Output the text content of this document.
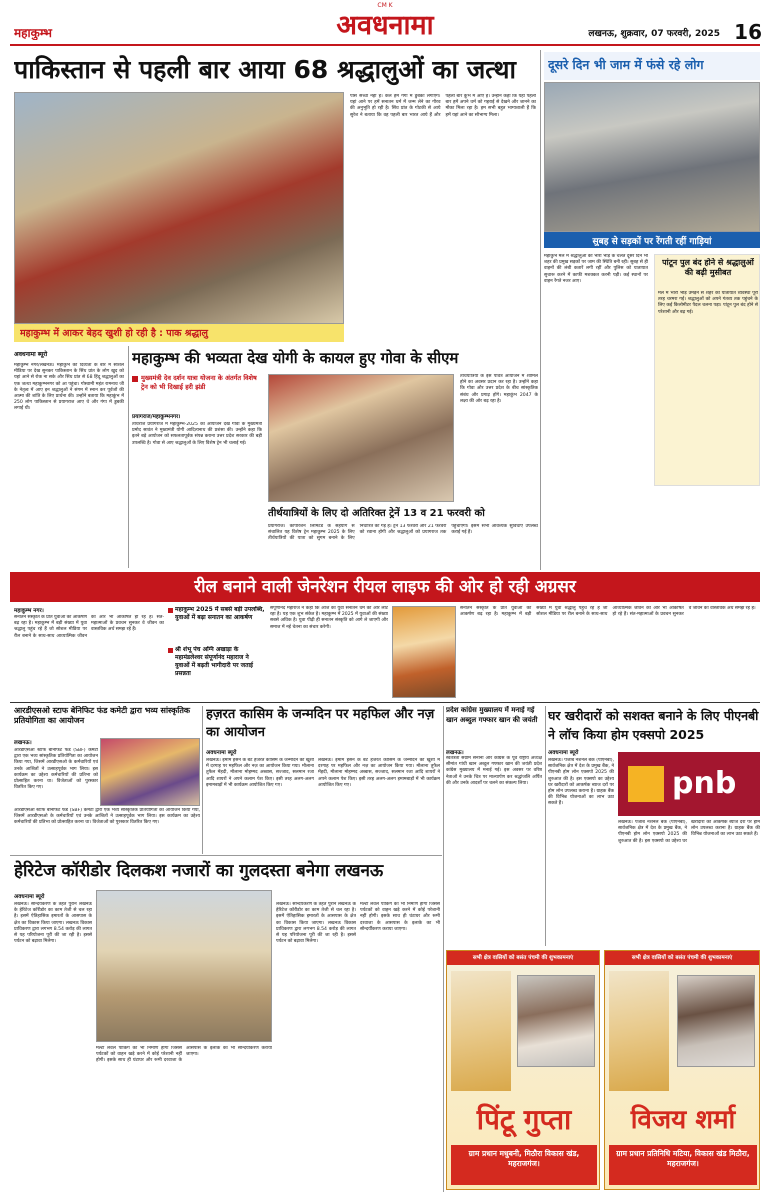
CM K
महाकुम्भ	अवधनामा	लखनऊ, शुक्रवार, 07 फरवरी, 2025 16
पाकिस्तान से पहली बार आया 68 श्रद्धालुओं का जत्था
महाकुम्भ में आकर बेहद खुशी हो रही है : पाक श्रद्धालु
पास सच्चा नहीं है। कल हम गंगा में डुबकी लगाएंगे। यहां आने पर हमें सनातन धर्म में जन्म लेने का गौरव की अनुभूति हो रही है। सिंध प्रांत के गोटकी से आये सुरेश ने बताया कि वह पहली बार भारत आये हैं और पहली बार कुंभ में आए हैं। उन्होंने कहा कि यहां पहली बार हमें अपने धर्म को गहराई से देखने और जानने का मौका मिला रहा है। हम सभी बहुत भाग्यशाली हैं कि हमें यहां आने का सौभाग्य मिला।
अवधनामा ब्यूरो
महाकुम्भ नगर/लखनऊ। महाकुंभ की दिव्यता के बारे में सोशल मीडिया पर देख सुनकर पाकिस्तान के सिंध प्रांत के लोग खुद को यहां आने से रोक ना सके और सिंध प्रांत से 68 हिंदू श्रद्धालुओं का एक जत्था महाकुम्भनगर को आ पहुंचा। गोस्वामी महंत रामनाथ जी के नेतृत्व में आए इन श्रद्धालुओं ने संगम में स्नान कर पूर्वजों की आत्मा की शांति के लिए प्रार्थना की। उन्होंने बताया कि महाकुंभ में 250 लोग पाकिस्तान से प्रयागराज आए थे और गंगा में डुबकी लगाई थी।
दूसरे दिन भी जाम में फंसे रहे लोग
सुबह से सड़कों पर रेंगती रहीं गाड़ियां
महाकुंभ मेले में श्रद्धालुओं की भारी भीड़ के चलते दूसरे दिन भी शहर की प्रमुख सड़कों पर जाम की स्थिति बनी रही। सुबह से ही वाहनों की लंबी कतारें लगी रहीं और पुलिस को यातायात सुचारू करने में काफी मशक्कत करनी पड़ी। कई स्थानों पर वाहन रेंगते नजर आए।
पांटून पुल बंद होने से श्रद्धालुओं की बढ़ी मुसीबत
मेले में भारी भीड़ उमड़ने से शहर की यातायात व्यवस्था पूरी तरह चरमरा गई। श्रद्धालुओं को अपने गंतव्य तक पहुंचने के लिए कई किलोमीटर पैदल चलना पड़ा। पांटून पुल बंद होने से परेशानी और बढ़ गई।
महाकुम्भ की भव्यता देख योगी के कायल हुए गोवा के सीएम
मुख्यमंत्री देव दर्शन यात्रा योजना के अंतर्गत विशेष ट्रेन को भी दिखाई हरी झंडी
प्रयागराज/महाकुम्भनगर।
तीर्थराज प्रयागराज में महाकुम्भ-2025 का आयोजन देख गोवा के मुख्यमंत्री प्रमोद सावंत ने मुख्यमंत्री योगी आदित्यनाथ की प्रशंसा की। उन्होंने कहा कि इतने बड़े आयोजन को सफलतापूर्वक संपन्न कराना उत्तर प्रदेश सरकार की बड़ी उपलब्धि है। गोवा से आए श्रद्धालुओं के लिए विशेष ट्रेन भी चलाई गई।
तीर्थयात्रियों के इस पवित्र आयोजन में शामिल होने का अवसर प्रदान कर रहा है। उन्होंने कहा कि गोवा और उत्तर प्रदेश के बीच सांस्कृतिक संबंध और प्रगाढ़ होंगे। महाकुंभ 2047 के लक्ष्य की ओर बढ़ रहा है।
तीर्थयात्रियों के लिए दो अतिरिक्त ट्रेनें 13 व 21 फरवरी को
प्रयागराज। कॉर्पोरेशन लिमिटेड के सहयोग से संचालित यह विशेष ट्रेन महाकुम्भ 2025 के लिए तीर्थयात्रियों की यात्रा को सुगम बनाने के लिए निर्धारित की गई है। ट्रेन 13 फरवरी और 21 फरवरी को रवाना होगी और श्रद्धालुओं को प्रयागराज तक पहुंचाएगी। इसमें सभी आवश्यक सुविधाएं उपलब्ध कराई गई हैं।
रील बनाने वाली जेनरेशन रीयल लाइफ की ओर हो रही अग्रसर
महाकुम्भ नगर।
सनातन संस्कृति के प्रति युवाओं का आकर्षण बढ़ रहा है। महाकुम्भ में बड़ी संख्या में युवा श्रद्धालु पहुंच रहे हैं जो सोशल मीडिया पर रील बनाने के साथ-साथ आध्यात्मिक जीवन की ओर भी आकर्षित हो रहे हैं। संत-महात्माओं के प्रवचन सुनकर वे जीवन का वास्तविक अर्थ समझ रहे हैं।
महाकुम्भ 2025 में सबसे बड़ी उपलब्धि, युवाओं में बढ़ा सनातन का आकर्षण
श्री शंभू पंच अग्नि अखाड़ा के महामंडलेश्वर संपूर्णानंद महाराज ने युवाओं में बढ़ती भागीदारी पर जताई प्रसन्नता
संपूर्णानंद महाराज ने कहा कि आज का युवा सनातन धर्म की ओर लौट रहा है। यह एक शुभ संकेत है। महाकुम्भ में 2025 में युवाओं की संख्या सबसे अधिक है। युवा पीढ़ी ही सनातन संस्कृति को आगे ले जाएगी और समाज में नई चेतना का संचार करेगी।
सनातन संस्कृति के प्रति युवाओं का आकर्षण बढ़ रहा है। महाकुम्भ में बड़ी संख्या में युवा श्रद्धालु पहुंच रहे हैं जो सोशल मीडिया पर रील बनाने के साथ-साथ आध्यात्मिक जीवन की ओर भी आकर्षित हो रहे हैं। संत-महात्माओं के प्रवचन सुनकर वे जीवन का वास्तविक अर्थ समझ रहे हैं।
आरडीएसओ स्टाफ बेनिफिट फंड कमेटी द्वारा भव्य सांस्कृतिक प्रतियोगिता का आयोजन
लखनऊ।
आरडीएसओ स्टाफ बेनिफिट फंड (SBF) कमेटी द्वारा एक भव्य सांस्कृतिक प्रतियोगिता का आयोजन किया गया, जिसमें आरडीएसओ के कर्मचारियों एवं उनके आश्रितों ने उत्साहपूर्वक भाग लिया। इस कार्यक्रम का उद्देश्य कर्मचारियों की प्रतिभा को प्रोत्साहित करना था। विजेताओं को पुरस्कार वितरित किए गए।
आरडीएसओ स्टाफ बेनिफिट फंड (SBF) कमेटी द्वारा एक भव्य सांस्कृतिक प्रतियोगिता का आयोजन किया गया, जिसमें आरडीएसओ के कर्मचारियों एवं उनके आश्रितों ने उत्साहपूर्वक भाग लिया। इस कार्यक्रम का उद्देश्य कर्मचारियों की प्रतिभा को प्रोत्साहित करना था। विजेताओं को पुरस्कार वितरित किए गए।
हज़रत कासिम के जन्मदिन पर महफिल और नज़ का आयोजन
अवधनामा ब्यूरो
लखनऊ। इमाम हसन के बेटे हजरत कासिम के जन्मदिन की खुशी में दरगाह पर महफिल और नज़ का आयोजन किया गया। मौलाना तुफैल मेंहदी, मौलाना मोहम्मद अब्बास, सज्जाद, सलमान रजा आदि शायरों ने अपने कलाम पेश किए। इसी तरह अलग-अलग इमामबाड़ों में भी कार्यक्रम आयोजित किए गए।
लखनऊ। इमाम हसन के बेटे हजरत कासिम के जन्मदिन की खुशी में दरगाह पर महफिल और नज़ का आयोजन किया गया। मौलाना तुफैल मेंहदी, मौलाना मोहम्मद अब्बास, सज्जाद, सलमान रजा आदि शायरों ने अपने कलाम पेश किए। इसी तरह अलग-अलग इमामबाड़ों में भी कार्यक्रम आयोजित किए गए।
प्रदेश कांग्रेस मुख्यालय में मनाई गई खान अब्दुल गफ्फार खान की जयंती
लखनऊ।
स्वतंत्रता संग्राम सेनानी और कांग्रेस के पूर्व राष्ट्रीय अध्यक्ष सीमांत गांधी खान अब्दुल गफ्फार खान की जयंती प्रदेश कांग्रेस मुख्यालय में मनाई गई। इस अवसर पर वरिष्ठ नेताओं ने उनके चित्र पर माल्यार्पण कर श्रद्धांजलि अर्पित की और उनके आदर्शों पर चलने का संकल्प लिया।
घर खरीदारों को सशक्त बनाने के लिए पीएनबी ने लॉच किया होम एक्सपो 2025
अवधनामा ब्यूरो
pnb
लखनऊ। पंजाब नेशनल बैंक (पीएनबी), सार्वजनिक क्षेत्र में देश के प्रमुख बैंक, ने पीएनबी होम लोन एक्सपो 2025 की शुरुआत की है। इस एक्सपो का उद्देश्य घर खरीदारों को आकर्षक ब्याज दरों पर होम लोन उपलब्ध कराना है। ग्राहक बैंक की विभिन्न योजनाओं का लाभ उठा सकते हैं।
लखनऊ। पंजाब नेशनल बैंक (पीएनबी), सार्वजनिक क्षेत्र में देश के प्रमुख बैंक, ने पीएनबी होम लोन एक्सपो 2025 की शुरुआत की है। इस एक्सपो का उद्देश्य घर खरीदारों को आकर्षक ब्याज दरों पर होम लोन उपलब्ध कराना है। ग्राहक बैंक की विभिन्न योजनाओं का लाभ उठा सकते हैं।
हेरिटेज कॉरीडोर दिलकश नजारों का गुलदस्ता बनेगा लखनऊ
अवधनामा ब्यूरो
लखनऊ। सौन्दर्यकरण के तहत पुराने लखनऊ के हेरिटेज कॉरीडोर का काम तेजी से चल रहा है। इसमें ऐतिहासिक इमारतों के आसपास के क्षेत्र का विकास किया जाएगा। लखनऊ विकास प्राधिकरण द्वारा लगभग 8.54 करोड़ की लागत से यह परियोजना पूरी की जा रही है। इससे पर्यटन को बढ़ावा मिलेगा।
मल्टी लेवल पार्किंग का भी निर्माण होगा जिससे पर्यटकों को वाहन खड़े करने में कोई परेशानी नहीं होगी। इसके साथ ही घंटाघर और रूमी दरवाजा के आसपास के इलाके का भी सौन्दर्यीकरण कराया जाएगा।
लखनऊ। सौन्दर्यकरण के तहत पुराने लखनऊ के हेरिटेज कॉरीडोर का काम तेजी से चल रहा है। इसमें ऐतिहासिक इमारतों के आसपास के क्षेत्र का विकास किया जाएगा। लखनऊ विकास प्राधिकरण द्वारा लगभग 8.54 करोड़ की लागत से यह परियोजना पूरी की जा रही है। इससे पर्यटन को बढ़ावा मिलेगा।
मल्टी लेवल पार्किंग का भी निर्माण होगा जिससे पर्यटकों को वाहन खड़े करने में कोई परेशानी नहीं होगी। इसके साथ ही घंटाघर और रूमी दरवाजा के आसपास के इलाके का भी सौन्दर्यीकरण कराया जाएगा।
सभी क्षेत्र वासियों को बसंत पंचमी की शुभकामनाएं
पिंटू गुप्ता
ग्राम प्रधान मधुबनी, मिठौरा विकास खंड, महराजगंज।
सभी क्षेत्र वासियों को बसंत पंचमी की शुभकामनाएं
विजय शर्मा
ग्राम प्रधान प्रतिनिधि मटिया, विकास खंड मिठौरा, महराजगंज।
